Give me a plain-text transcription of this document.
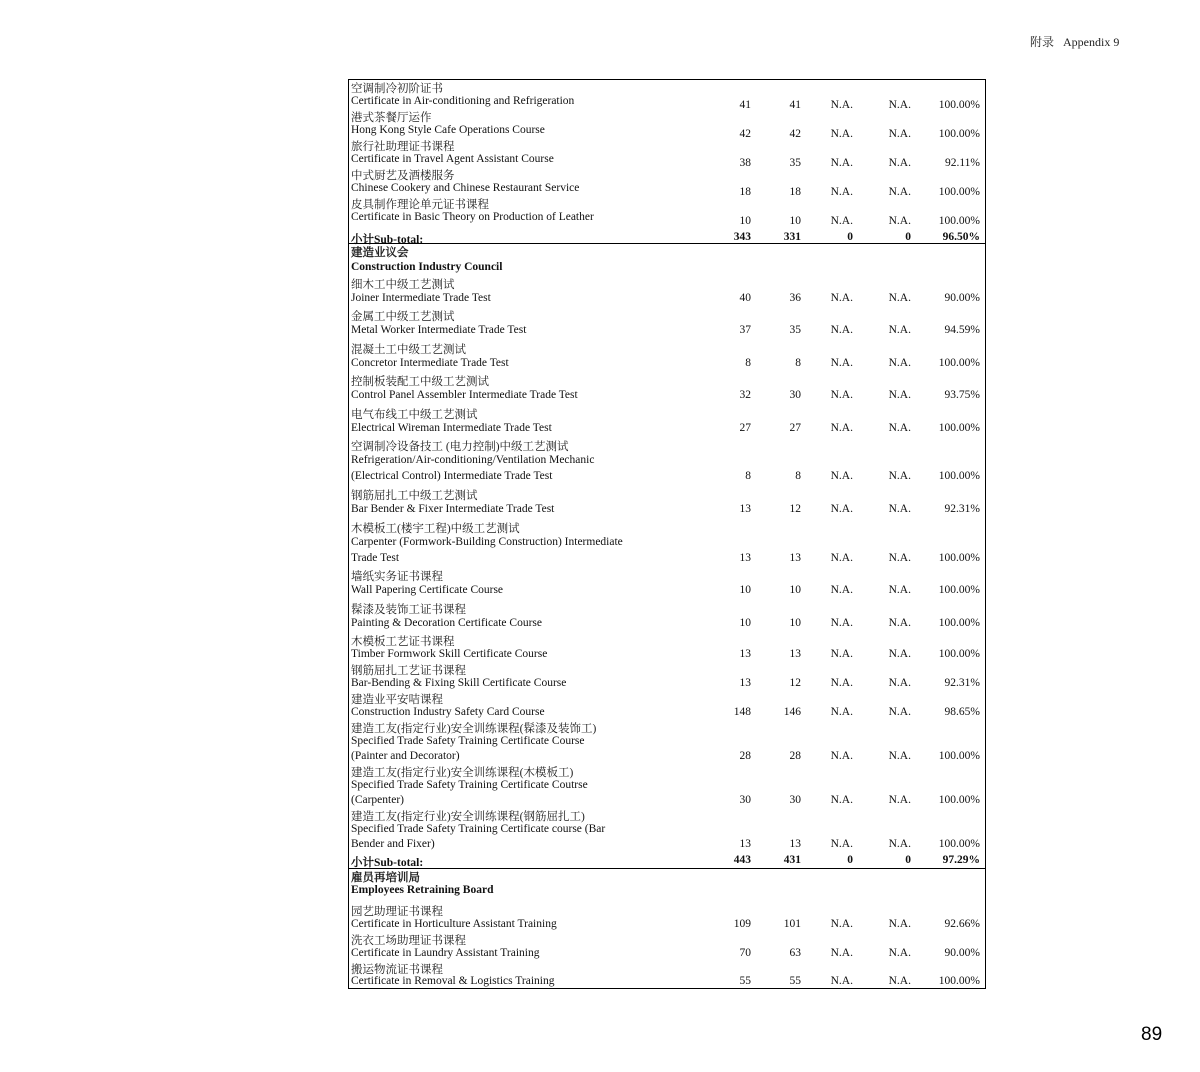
附录 Appendix 9
空调制冷初阶证书
Certificate in Air-conditioning and Refrigeration	41	41	N.A.	N.A. 100.00%
港式茶餐厅运作
Hong Kong Style Cafe Operations Course	42	42	N.A.	N.A. 100.00%
旅行社助理证书课程
Certificate in Travel Agent Assistant Course	38	35	N.A.	N.A.	92.11%
中式厨艺及酒楼服务
Chinese Cookery and Chinese Restaurant Service	18	18	N.A.	N.A. 100.00%
皮具制作理论单元证书课程
Certificate in Basic Theory on Production of Leather	10	10	N.A.	N.A. 100.00%
小计Sub-total:	343	331	0	0	96.50%
建造业议会
Construction Industry Council
细木工中级工艺测试
Joiner Intermediate Trade Test	40	36	N.A.	N.A.	90.00%
金属工中级工艺测试
Metal Worker Intermediate Trade Test	37	35	N.A.	N.A.	94.59%
混凝土工中级工艺测试
Concretor Intermediate Trade Test	8	8	N.A.	N.A. 100.00%
控制板装配工中级工艺测试
Control Panel Assembler Intermediate Trade Test	32	30	N.A.	N.A.	93.75%
电气布线工中级工艺测试
Electrical Wireman Intermediate Trade Test	27	27	N.A.	N.A. 100.00%
空调制冷设备技工 (电力控制)中级工艺测试
Refrigeration/Air-conditioning/Ventilation Mechanic
(Electrical Control) Intermediate Trade Test	8	8	N.A.	N.A. 100.00%
钢筋屈扎工中级工艺测试
Bar Bender & Fixer Intermediate Trade Test	13	12	N.A.	N.A.	92.31%
木模板工(楼宇工程)中级工艺测试
Carpenter (Formwork-Building Construction) Intermediate
Trade Test	13	13	N.A.	N.A. 100.00%
墙纸实务证书课程
Wall Papering Certificate Course	10	10	N.A.	N.A. 100.00%
髹漆及装饰工证书课程
Painting & Decoration Certificate Course	10	10	N.A.	N.A. 100.00%
木模板工艺证书课程
Timber Formwork Skill Certificate Course	13	13	N.A.	N.A. 100.00%
钢筋屈扎工艺证书课程
Bar-Bending & Fixing Skill Certificate Course	13	12	N.A.	N.A.	92.31%
建造业平安咭课程
Construction Industry Safety Card Course	148	146	N.A.	N.A.	98.65%
建造工友(指定行业)安全训练课程(髹漆及装饰工)
Specified Trade Safety Training Certificate Course
(Painter and Decorator)	28	28	N.A.	N.A. 100.00%
建造工友(指定行业)安全训练课程(木模板工)
Specified Trade Safety Training Certificate Coutrse
(Carpenter)	30	30	N.A.	N.A. 100.00%
建造工友(指定行业)安全训练课程(钢筋屈扎工)
Specified Trade Safety Training Certificate course (Bar
Bender and Fixer)	13	13	N.A.	N.A. 100.00%
小计Sub-total:	443	431	0	0	97.29%
雇员再培训局
Employees Retraining Board
园艺助理证书课程
Certificate in Horticulture Assistant Training	109	101	N.A.	N.A.	92.66%
洗衣工场助理证书课程
Certificate in Laundry Assistant Training	70	63	N.A.	N.A.	90.00%
搬运物流证书课程
Certificate in Removal & Logistics Training	55	55	N.A.	N.A. 100.00%
89
